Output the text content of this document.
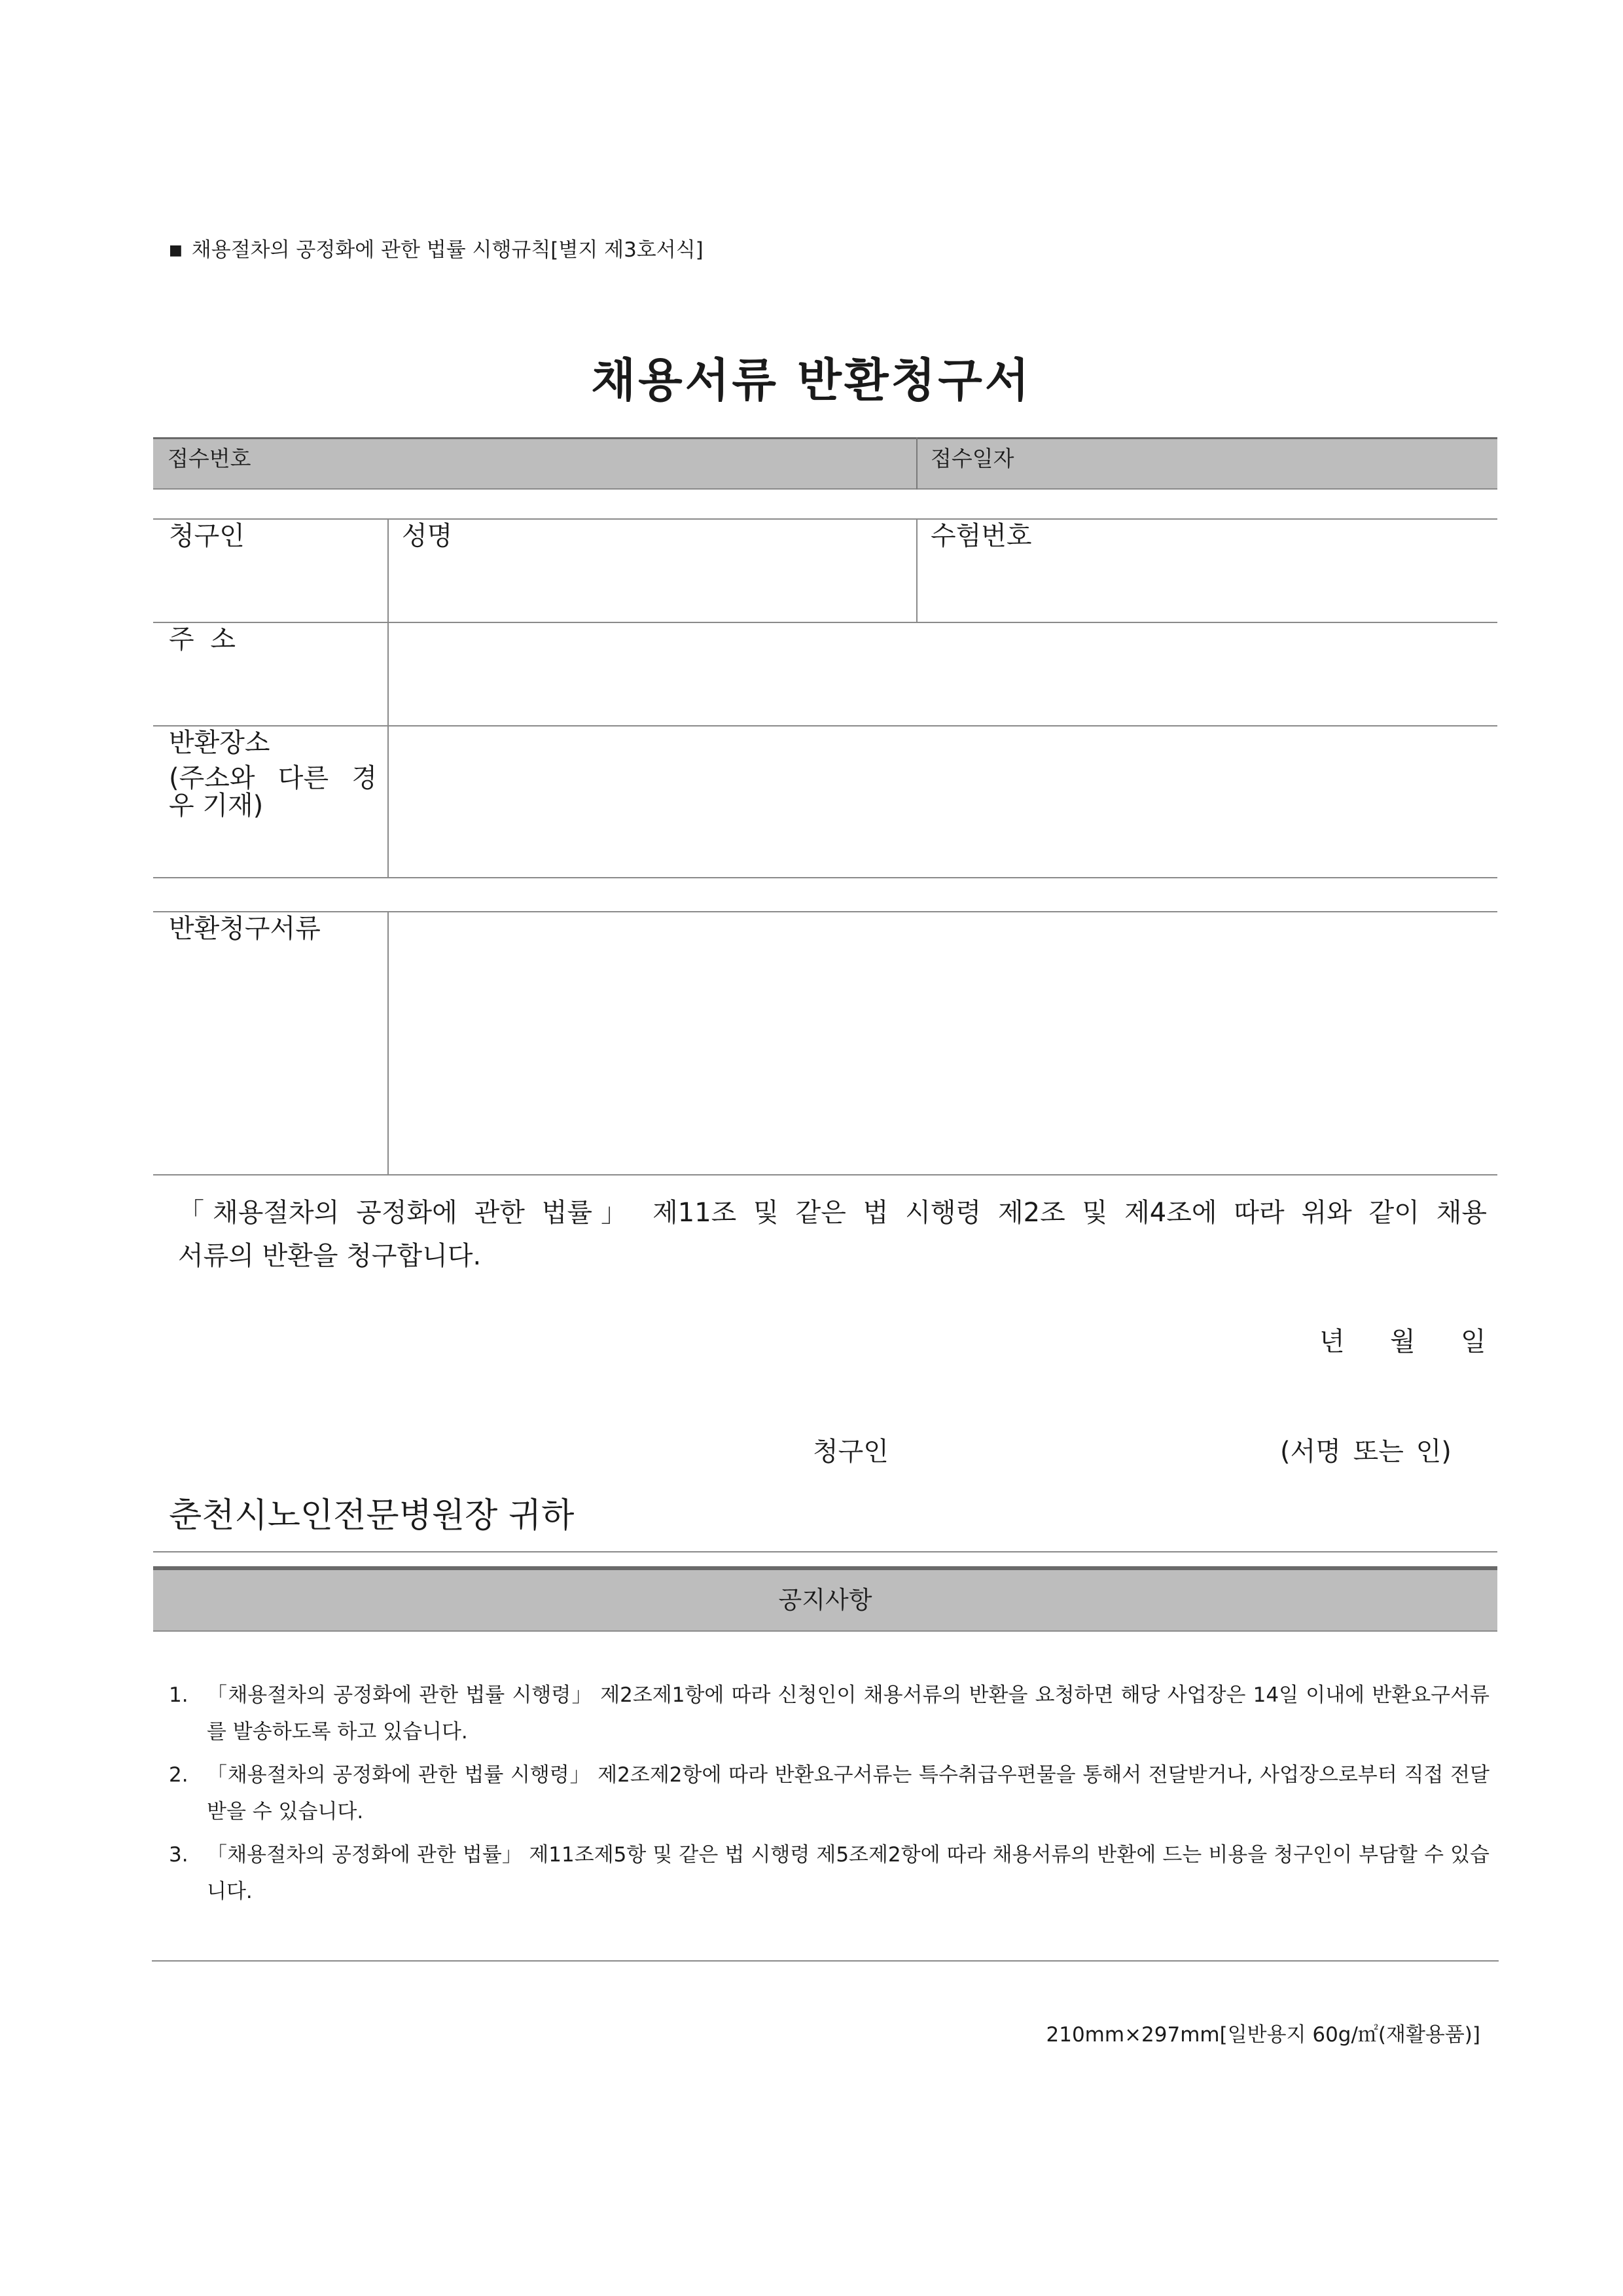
■ 채용절차의 공정화에 관한 법률 시행규칙[별지 제3호서식]
채용서류 반환청구서
접수번호	접수일자
청구인	성명	수험번호
주 소
반환장소
(주소와 다른 경
우 기재)
반환청구서류
「채용절차의 공정화에 관한 법률」 제11조 및 같은 법 시행령 제2조 및 제4조에 따라 위와 같이 채용
서류의 반환을 청구합니다.
년 월 일
청구인	(서명 또는 인)
춘천시노인전문병원장 귀하
공지사항
1. 「채용절차의 공정화에 관한 법률 시행령」 제2조제1항에 따라 신청인이 채용서류의 반환을 요청하면 해당 사업장은 14일 이내에 반환요구서류를 발송하도록 하고 있습니다.
2. 「채용절차의 공정화에 관한 법률 시행령」 제2조제2항에 따라 반환요구서류는 특수취급우편물을 통해서 전달받거나, 사업장으로부터 직접 전달받을 수 있습니다.
3. 「채용절차의 공정화에 관한 법률」 제11조제5항 및 같은 법 시행령 제5조제2항에 따라 채용서류의 반환에 드는 비용을 청구인이 부담할 수 있습니다.
210mm×297mm[일반용지 60g/㎡(재활용품)]
